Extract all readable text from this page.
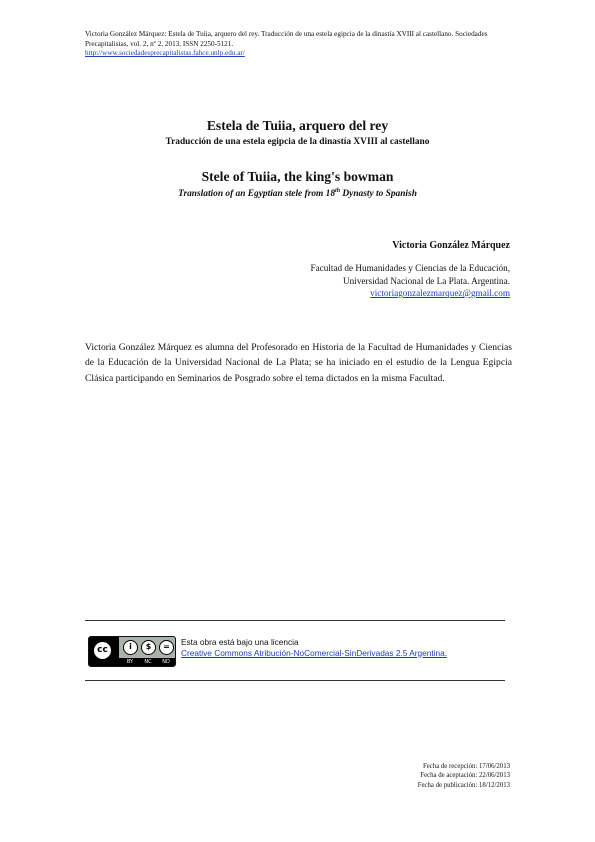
Victoria González Márquez: Estela de Tuiia, arquero del rey. Traducción de una estela egipcia de la dinastía XVIII al castellano. Sociedades Precapitalistas, vol. 2, nº 2, 2013. ISSN 2250-5121.
http://www.sociedadesprecapitalistas.fahce.unlp.edu.ar/
Estela de Tuiia, arquero del rey
Traducción de una estela egipcia de la dinastía XVIII al castellano
Stele of Tuiia, the king's bowman
Translation of an Egyptian stele from 18th Dynasty to Spanish
Victoria González Márquez
Facultad de Humanidades y Ciencias de la Educación,
Universidad Nacional de La Plata. Argentina.
victoriagonzalezmarquez@gmail.com
Victoria González Márquez es alumna del Profesorado en Historia de la Facultad de Humanidades y Ciencias de la Educación de la Universidad Nacional de La Plata; se ha iniciado en el estudio de la Lengua Egipcia Clásica participando en Seminarios de Posgrado sobre el tema dictados en la misma Facultad.
cc	i	$	=
BY	NC	ND
Esta obra está bajo una licencia
Creative Commons Atribución-NoComercial-SinDerivadas 2.5 Argentina.
Fecha de recepción: 17/06/2013
Fecha de aceptación: 22/06/2013
Fecha de publicación: 18/12/2013
